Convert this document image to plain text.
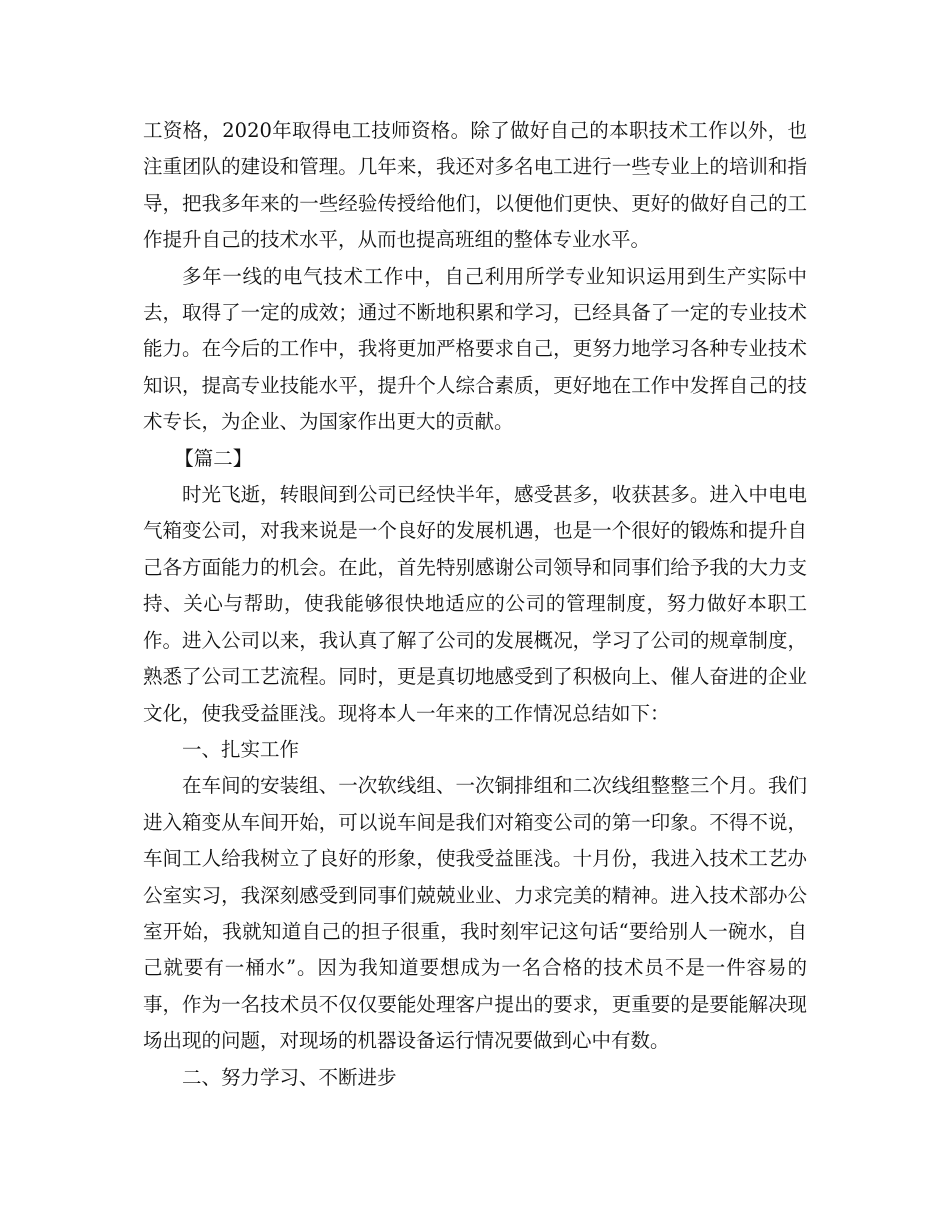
工资格，2020年取得电工技师资格。除了做好自己的本职技术工作以外，也注重团队的建设和管理。几年来，我还对多名电工进行一些专业上的培训和指导，把我多年来的一些经验传授给他们，以便他们更快、更好的做好自己的工作提升自己的技术水平，从而也提高班组的整体专业水平。

多年一线的电气技术工作中，自己利用所学专业知识运用到生产实际中去，取得了一定的成效；通过不断地积累和学习，已经具备了一定的专业技术能力。在今后的工作中，我将更加严格要求自己，更努力地学习各种专业技术知识，提高专业技能水平，提升个人综合素质，更好地在工作中发挥自己的技术专长，为企业、为国家作出更大的贡献。

【篇二】

时光飞逝，转眼间到公司已经快半年，感受甚多，收获甚多。进入中电电气箱变公司，对我来说是一个良好的发展机遇，也是一个很好的锻炼和提升自己各方面能力的机会。在此，首先特别感谢公司领导和同事们给予我的大力支持、关心与帮助，使我能够很快地适应的公司的管理制度，努力做好本职工作。进入公司以来，我认真了解了公司的发展概况，学习了公司的规章制度，熟悉了公司工艺流程。同时，更是真切地感受到了积极向上、催人奋进的企业文化，使我受益匪浅。现将本人一年来的工作情况总结如下：

一、扎实工作

在车间的安装组、一次软线组、一次铜排组和二次线组整整三个月。我们进入箱变从车间开始，可以说车间是我们对箱变公司的第一印象。不得不说，车间工人给我树立了良好的形象，使我受益匪浅。十月份，我进入技术工艺办公室实习，我深刻感受到同事们兢兢业业、力求完美的精神。进入技术部办公室开始，我就知道自己的担子很重，我时刻牢记这句话“要给别人一碗水，自己就要有一桶水”。因为我知道要想成为一名合格的技术员不是一件容易的事，作为一名技术员不仅仅要能处理客户提出的要求，更重要的是要能解决现场出现的问题，对现场的机器设备运行情况要做到心中有数。

二、努力学习、不断进步
